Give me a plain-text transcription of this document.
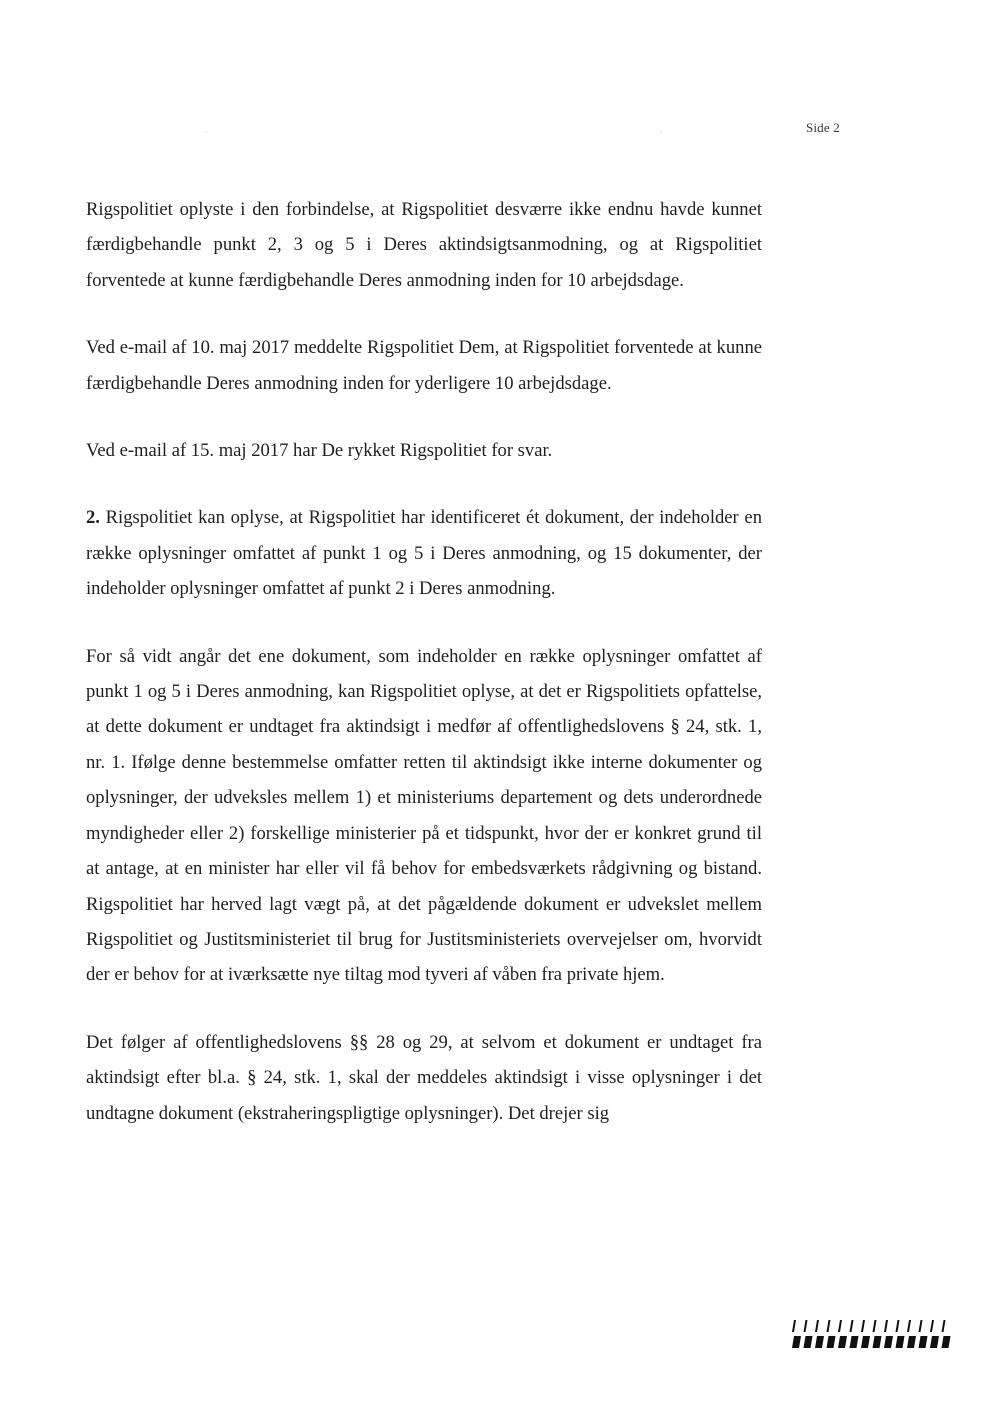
Side 2
·	·

Rigspolitiet oplyste i den forbindelse, at Rigspolitiet desværre ikke endnu havde kunnet færdigbehandle punkt 2, 3 og 5 i Deres aktindsigtsanmodning, og at Rigspolitiet forventede at kunne færdigbehandle Deres anmodning inden for 10 arbejdsdage.

Ved e-mail af 10. maj 2017 meddelte Rigspolitiet Dem, at Rigspolitiet forventede at kunne færdigbehandle Deres anmodning inden for yderligere 10 arbejdsdage.

Ved e-mail af 15. maj 2017 har De rykket Rigspolitiet for svar.

2. Rigspolitiet kan oplyse, at Rigspolitiet har identificeret ét dokument, der indeholder en række oplysninger omfattet af punkt 1 og 5 i Deres anmodning, og 15 dokumenter, der indeholder oplysninger omfattet af punkt 2 i Deres anmodning.

For så vidt angår det ene dokument, som indeholder en række oplysninger omfattet af punkt 1 og 5 i Deres anmodning, kan Rigspolitiet oplyse, at det er Rigspolitiets opfattelse, at dette dokument er undtaget fra aktindsigt i medfør af offentlighedslovens § 24, stk. 1, nr. 1. Ifølge denne bestemmelse omfatter retten til aktindsigt ikke interne dokumenter og oplysninger, der udveksles mellem 1) et ministeriums departement og dets underordnede myndigheder eller 2) forskellige ministerier på et tidspunkt, hvor der er konkret grund til at antage, at en minister har eller vil få behov for embedsværkets rådgivning og bistand. Rigspolitiet har herved lagt vægt på, at det pågældende dokument er udvekslet mellem Rigspolitiet og Justitsministeriet til brug for Justitsministeriets overvejelser om, hvorvidt der er behov for at iværksætte nye tiltag mod tyveri af våben fra private hjem.

Det følger af offentlighedslovens §§ 28 og 29, at selvom et dokument er undtaget fra aktindsigt efter bl.a. § 24, stk. 1, skal der meddeles aktindsigt i visse oplysninger i det undtagne dokument (ekstraheringspligtige oplysninger). Det drejer sig
